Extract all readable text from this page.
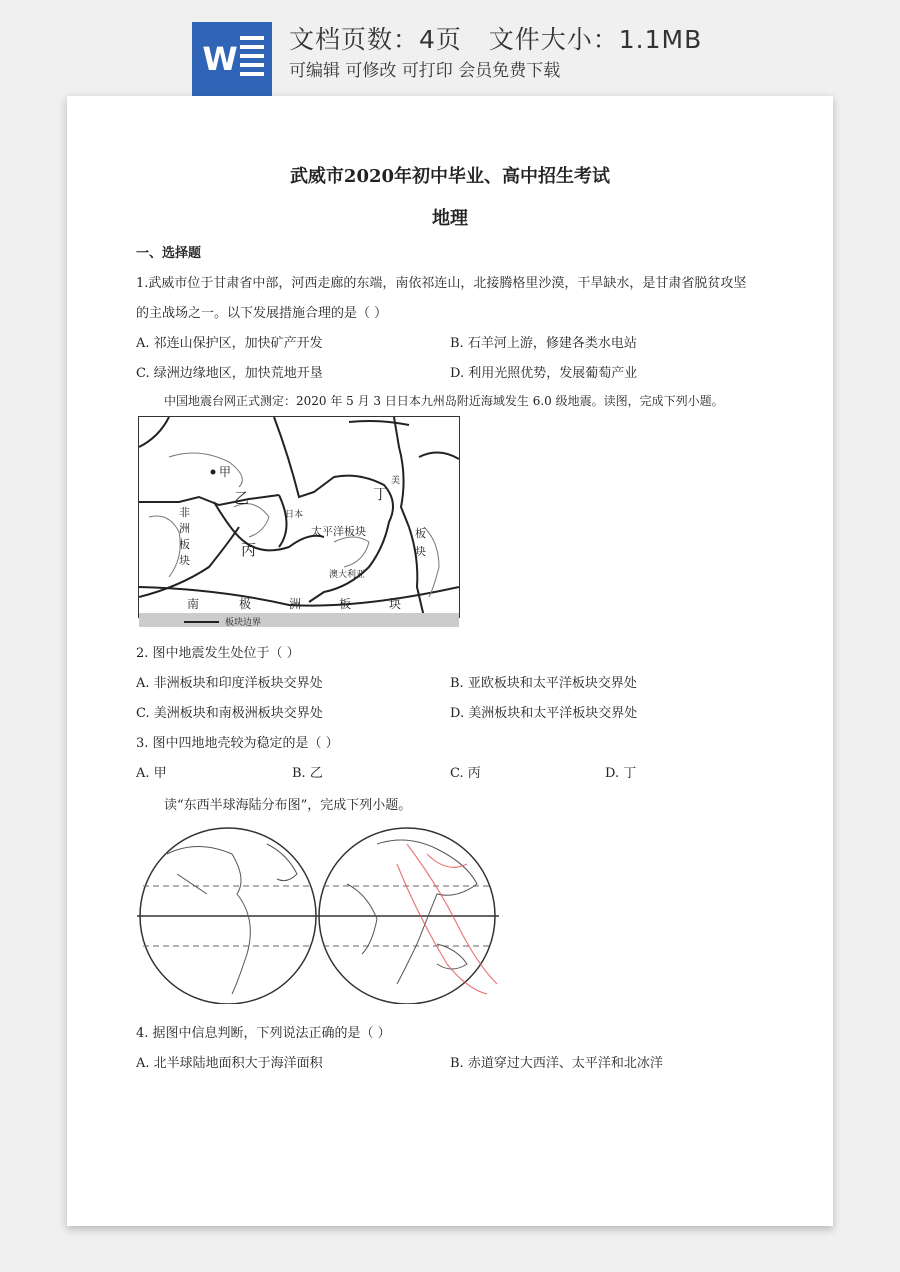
W
文档页数：4页   文件大小：1.1MB
可编辑 可修改 可打印 会员免费下载
武威市2020年初中毕业、高中招生考试
地理
一、选择题
1.武威市位于甘肃省中部，河西走廊的东端，南依祁连山，北接腾格里沙漠，干旱缺水，是甘肃省脱贫攻坚
的主战场之一。以下发展措施合理的是（ ）
A. 祁连山保护区，加快矿产开发	B. 石羊河上游，修建各类水电站
C. 绿洲边缘地区，加快荒地开垦	D. 利用光照优势，发展葡萄产业
中国地震台网正式测定：2020 年 5 月 3 日日本九州岛附近海域发生 6.0 级地震。读图，完成下列小题。
甲
乙
丙
丁
太平洋板块
非洲板块
日本
美
板块
澳大利亚
南	极	洲	板	块
板块边界
2. 图中地震发生处位于（ ）
A. 非洲板块和印度洋板块交界处	B. 亚欧板块和太平洋板块交界处
C. 美洲板块和南极洲板块交界处	D. 美洲板块和太平洋板块交界处
3. 图中四地地壳较为稳定的是（ ）
A. 甲	B. 乙	C. 丙	D. 丁
读“东西半球海陆分布图”，完成下列小题。
4. 据图中信息判断，下列说法正确的是（ ）
A. 北半球陆地面积大于海洋面积	B. 赤道穿过大西洋、太平洋和北冰洋
